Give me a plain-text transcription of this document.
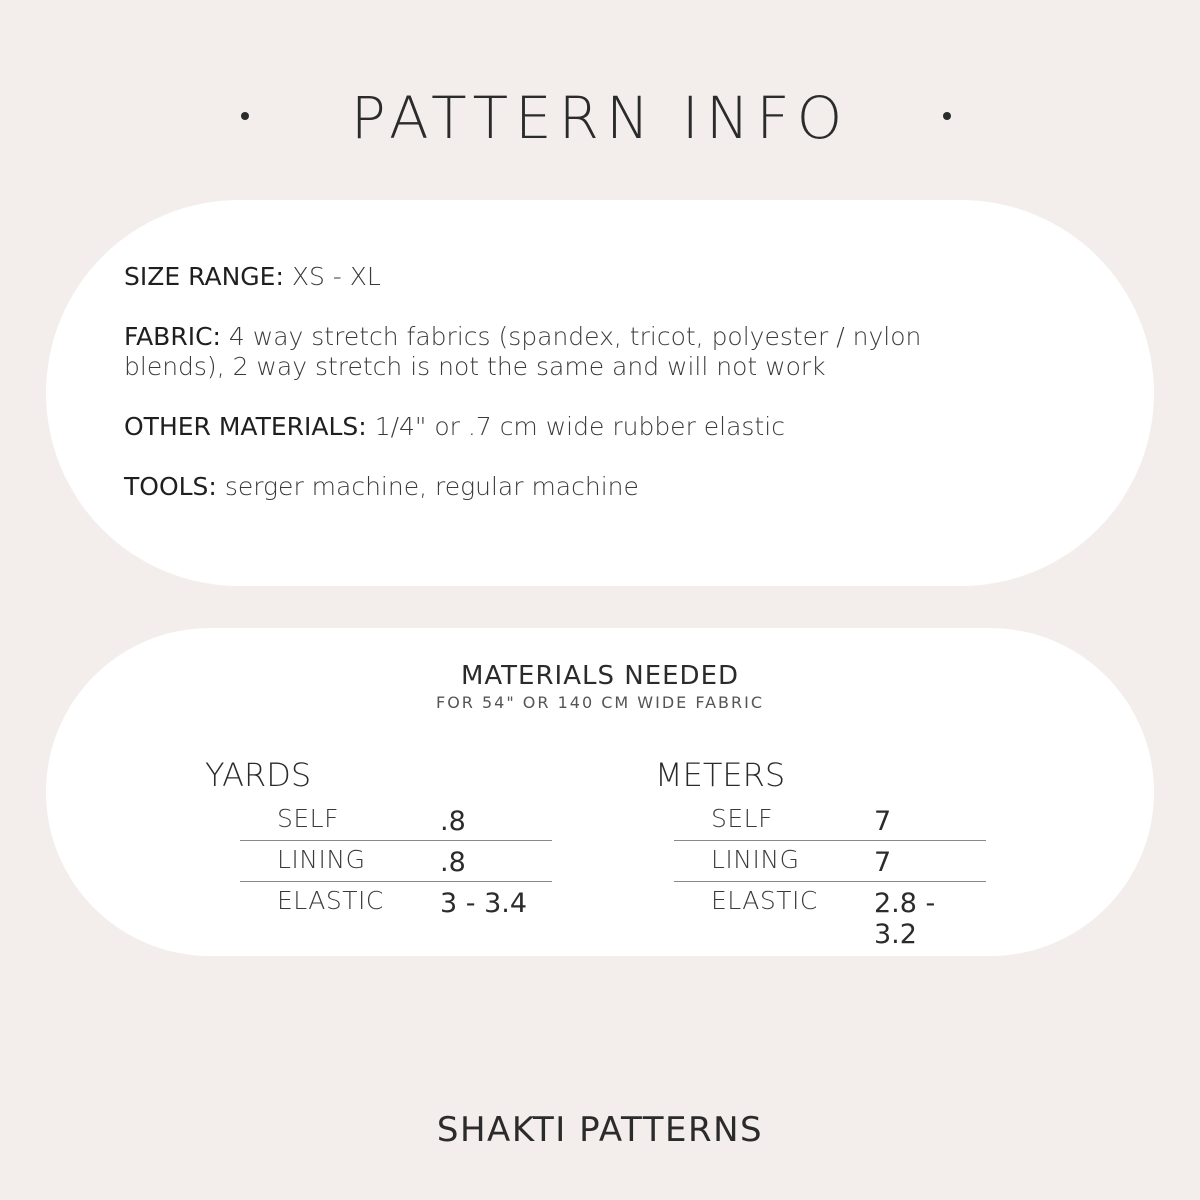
PATTERN INFO
SIZE RANGE: XS - XL
FABRIC: 4 way stretch fabrics (spandex, tricot, polyester / nylon blends), 2 way stretch is not the same and will not work
OTHER MATERIALS: 1/4" or .7 cm wide rubber elastic
TOOLS: serger machine, regular machine
MATERIALS NEEDED
FOR 54" OR 140 CM WIDE FABRIC
YARDS
SELF	.8
LINING	.8
ELASTIC 3 - 3.4
METERS
SELF	7
LINING	7
ELASTIC 2.8 - 3.2
SHAKTI PATTERNS
